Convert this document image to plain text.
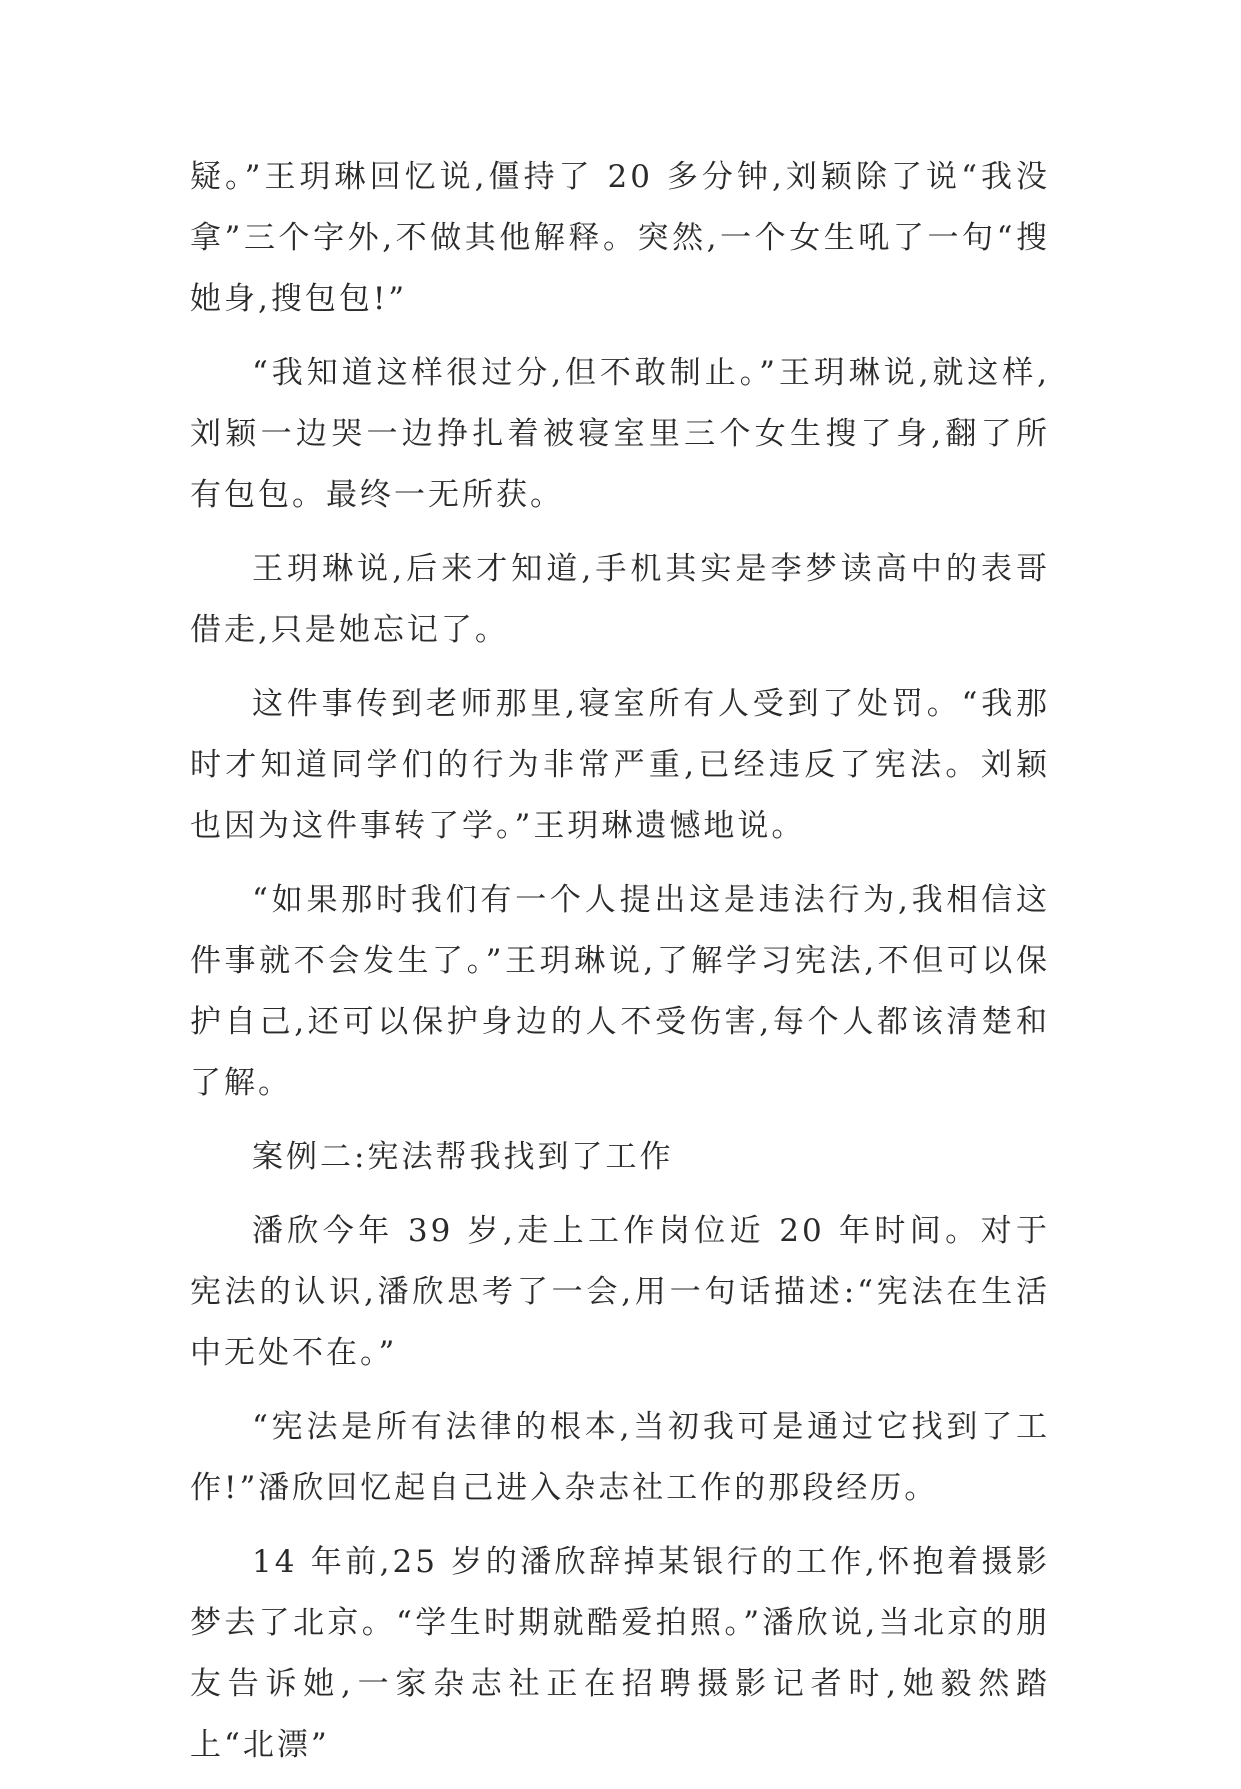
疑。”王玥琳回忆说,僵持了 20 多分钟,刘颖除了说“我没拿”三个字外,不做其他解释。突然,一个女生吼了一句“搜她身,搜包包!”

“我知道这样很过分,但不敢制止。”王玥琳说,就这样,刘颖一边哭一边挣扎着被寝室里三个女生搜了身,翻了所有包包。最终一无所获。

王玥琳说,后来才知道,手机其实是李梦读高中的表哥借走,只是她忘记了。

这件事传到老师那里,寝室所有人受到了处罚。“我那时才知道同学们的行为非常严重,已经违反了宪法。刘颖也因为这件事转了学。”王玥琳遗憾地说。

“如果那时我们有一个人提出这是违法行为,我相信这件事就不会发生了。”王玥琳说,了解学习宪法,不但可以保护自己,还可以保护身边的人不受伤害,每个人都该清楚和了解。

案例二:宪法帮我找到了工作

潘欣今年 39 岁,走上工作岗位近 20 年时间。对于宪法的认识,潘欣思考了一会,用一句话描述:“宪法在生活中无处不在。”

“宪法是所有法律的根本,当初我可是通过它找到了工作!”潘欣回忆起自己进入杂志社工作的那段经历。

14 年前,25 岁的潘欣辞掉某银行的工作,怀抱着摄影梦去了北京。“学生时期就酷爱拍照。”潘欣说,当北京的朋友告诉她,一家杂志社正在招聘摄影记者时,她毅然踏上“北漂”
